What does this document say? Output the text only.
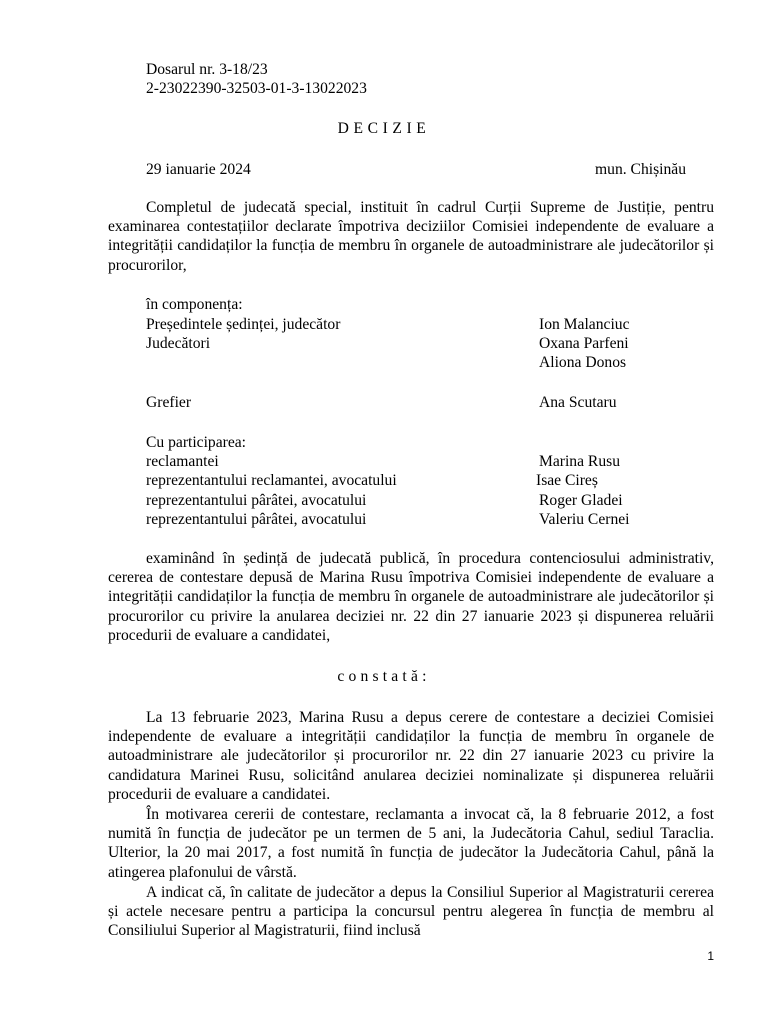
Dosarul nr. 3-18/23
2-23022390-32503-01-3-13022023
DECIZIE
29 ianuarie 2024	mun. Chișinău

Completul de judecată special, instituit în cadrul Curții Supreme de Justiție, pentru examinarea contestațiilor declarate împotriva deciziilor Comisiei independente de evaluare a integrității candidaților la funcția de membru în organele de autoadministrare ale judecătorilor și procurorilor,

în componența:
Președintele ședinței, judecător	Ion Malanciuc
Judecători	Oxana Parfeni
Aliona Donos
Grefier	Ana Scutaru
Cu participarea:
reclamantei	Marina Rusu
reprezentantului reclamantei, avocatului	Isae Cireș
reprezentantului pârâtei, avocatului	Roger Gladei
reprezentantului pârâtei, avocatului	Valeriu Cernei

examinând în ședință de judecată publică, în procedura contenciosului administrativ, cererea de contestare depusă de Marina Rusu împotriva Comisiei independente de evaluare a integrității candidaților la funcția de membru în organele de autoadministrare ale judecătorilor și procurorilor cu privire la anularea deciziei nr. 22 din 27 ianuarie 2023 și dispunerea reluării procedurii de evaluare a candidatei,

constată:

La 13 februarie 2023, Marina Rusu a depus cerere de contestare a deciziei Comisiei independente de evaluare a integrității candidaților la funcția de membru în organele de autoadministrare ale judecătorilor și procurorilor nr. 22 din 27 ianuarie 2023 cu privire la candidatura Marinei Rusu, solicitând anularea deciziei nominalizate și dispunerea reluării procedurii de evaluare a candidatei.

În motivarea cererii de contestare, reclamanta a invocat că, la 8 februarie 2012, a fost numită în funcția de judecător pe un termen de 5 ani, la Judecătoria Cahul, sediul Taraclia. Ulterior, la 20 mai 2017, a fost numită în funcția de judecător la Judecătoria Cahul, până la atingerea plafonului de vârstă.

A indicat că, în calitate de judecător a depus la Consiliul Superior al Magistraturii cererea și actele necesare pentru a participa la concursul pentru alegerea în funcția de membru al Consiliului Superior al Magistraturii, fiind inclusă

1
